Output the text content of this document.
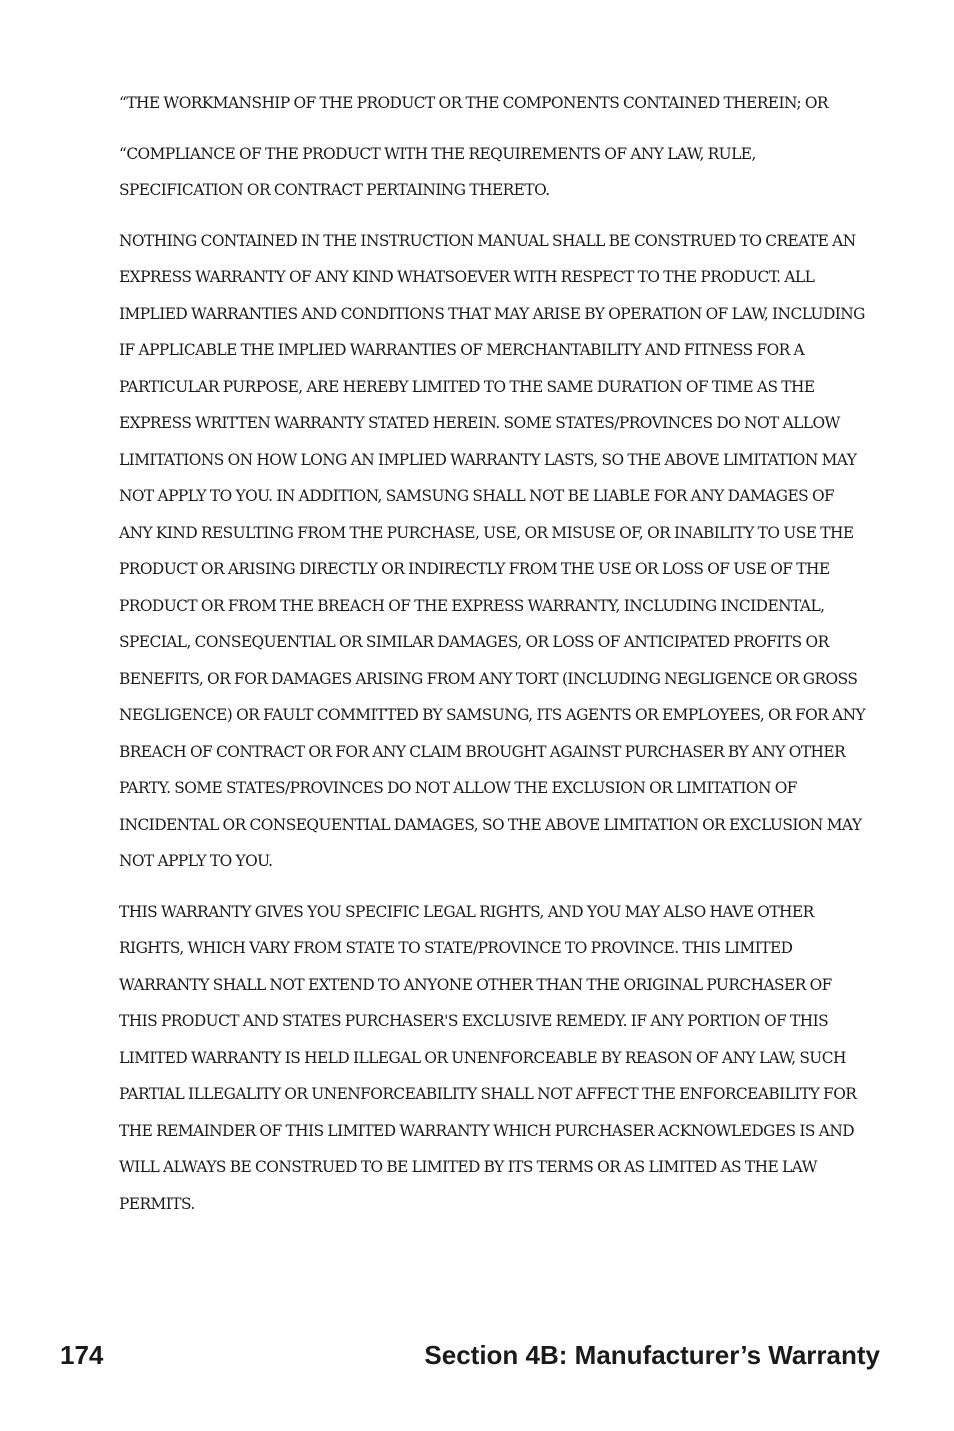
“THE WORKMANSHIP OF THE PRODUCT OR THE COMPONENTS CONTAINED THEREIN; OR

“COMPLIANCE OF THE PRODUCT WITH THE REQUIREMENTS OF ANY LAW, RULE, SPECIFICATION OR CONTRACT PERTAINING THERETO.

NOTHING CONTAINED IN THE INSTRUCTION MANUAL SHALL BE CONSTRUED TO CREATE AN EXPRESS WARRANTY OF ANY KIND WHATSOEVER WITH RESPECT TO THE PRODUCT. ALL IMPLIED WARRANTIES AND CONDITIONS THAT MAY ARISE BY OPERATION OF LAW, INCLUDING IF APPLICABLE THE IMPLIED WARRANTIES OF MERCHANTABILITY AND FITNESS FOR A PARTICULAR PURPOSE, ARE HEREBY LIMITED TO THE SAME DURATION OF TIME AS THE EXPRESS WRITTEN WARRANTY STATED HEREIN. SOME STATES/PROVINCES DO NOT ALLOW LIMITATIONS ON HOW LONG AN IMPLIED WARRANTY LASTS, SO THE ABOVE LIMITATION MAY NOT APPLY TO YOU. IN ADDITION, SAMSUNG SHALL NOT BE LIABLE FOR ANY DAMAGES OF ANY KIND RESULTING FROM THE PURCHASE, USE, OR MISUSE OF, OR INABILITY TO USE THE PRODUCT OR ARISING DIRECTLY OR INDIRECTLY FROM THE USE OR LOSS OF USE OF THE PRODUCT OR FROM THE BREACH OF THE EXPRESS WARRANTY, INCLUDING INCIDENTAL, SPECIAL, CONSEQUENTIAL OR SIMILAR DAMAGES, OR LOSS OF ANTICIPATED PROFITS OR BENEFITS, OR FOR DAMAGES ARISING FROM ANY TORT (INCLUDING NEGLIGENCE OR GROSS NEGLIGENCE) OR FAULT COMMITTED BY SAMSUNG, ITS AGENTS OR EMPLOYEES, OR FOR ANY BREACH OF CONTRACT OR FOR ANY CLAIM BROUGHT AGAINST PURCHASER BY ANY OTHER PARTY. SOME STATES/PROVINCES DO NOT ALLOW THE EXCLUSION OR LIMITATION OF INCIDENTAL OR CONSEQUENTIAL DAMAGES, SO THE ABOVE LIMITATION OR EXCLUSION MAY NOT APPLY TO YOU.

THIS WARRANTY GIVES YOU SPECIFIC LEGAL RIGHTS, AND YOU MAY ALSO HAVE OTHER RIGHTS, WHICH VARY FROM STATE TO STATE/PROVINCE TO PROVINCE. THIS LIMITED WARRANTY SHALL NOT EXTEND TO ANYONE OTHER THAN THE ORIGINAL PURCHASER OF THIS PRODUCT AND STATES PURCHASER'S EXCLUSIVE REMEDY. IF ANY PORTION OF THIS LIMITED WARRANTY IS HELD ILLEGAL OR UNENFORCEABLE BY REASON OF ANY LAW, SUCH PARTIAL ILLEGALITY OR UNENFORCEABILITY SHALL NOT AFFECT THE ENFORCEABILITY FOR THE REMAINDER OF THIS LIMITED WARRANTY WHICH PURCHASER ACKNOWLEDGES IS AND WILL ALWAYS BE CONSTRUED TO BE LIMITED BY ITS TERMS OR AS LIMITED AS THE LAW PERMITS.

174	Section 4B: Manufacturer’s Warranty
